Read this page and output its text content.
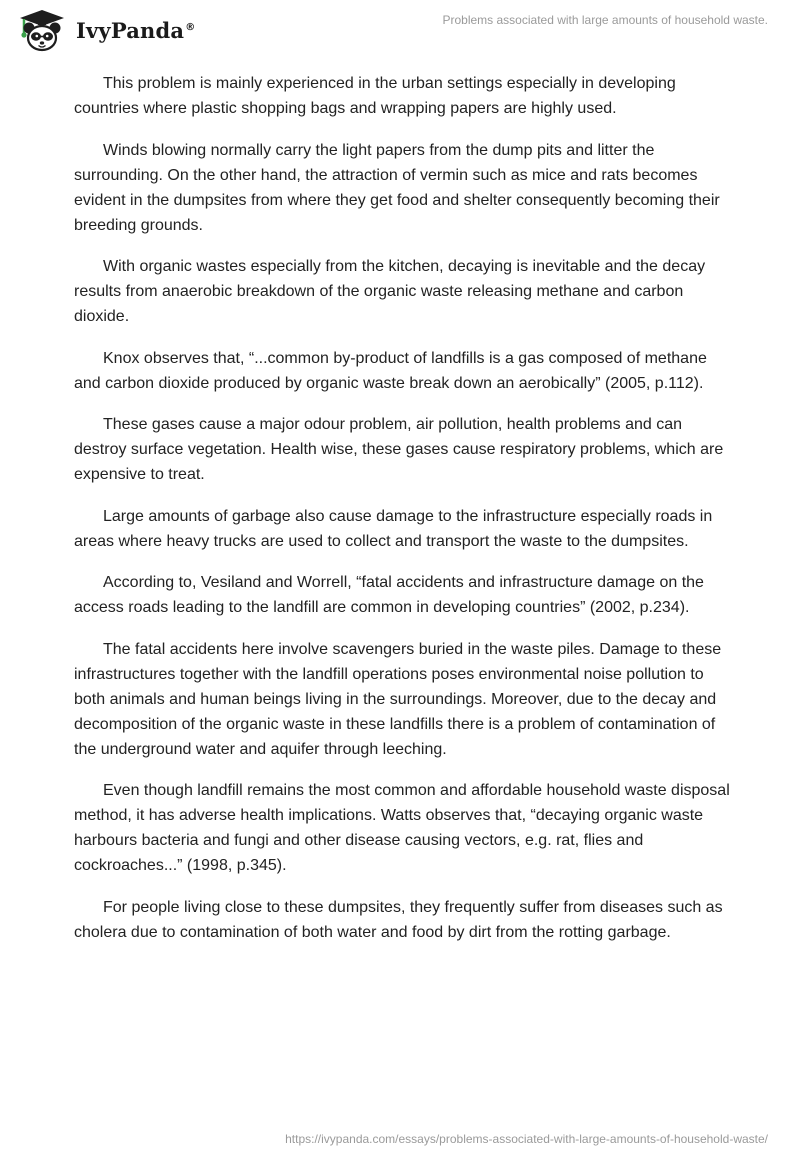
IvyPanda®	Problems associated with large amounts of household waste.

This problem is mainly experienced in the urban settings especially in developing countries where plastic shopping bags and wrapping papers are highly used.

Winds blowing normally carry the light papers from the dump pits and litter the surrounding. On the other hand, the attraction of vermin such as mice and rats becomes evident in the dumpsites from where they get food and shelter consequently becoming their breeding grounds.

With organic wastes especially from the kitchen, decaying is inevitable and the decay results from anaerobic breakdown of the organic waste releasing methane and carbon dioxide.

Knox observes that, “...common by-product of landfills is a gas composed of methane and carbon dioxide produced by organic waste break down an aerobically” (2005, p.112).

These gases cause a major odour problem, air pollution, health problems and can destroy surface vegetation. Health wise, these gases cause respiratory problems, which are expensive to treat.

Large amounts of garbage also cause damage to the infrastructure especially roads in areas where heavy trucks are used to collect and transport the waste to the dumpsites.

According to, Vesiland and Worrell, “fatal accidents and infrastructure damage on the access roads leading to the landfill are common in developing countries” (2002, p.234).

The fatal accidents here involve scavengers buried in the waste piles. Damage to these infrastructures together with the landfill operations poses environmental noise pollution to both animals and human beings living in the surroundings. Moreover, due to the decay and decomposition of the organic waste in these landfills there is a problem of contamination of the underground water and aquifer through leeching.

Even though landfill remains the most common and affordable household waste disposal method, it has adverse health implications. Watts observes that, “decaying organic waste harbours bacteria and fungi and other disease causing vectors, e.g. rat, flies and cockroaches...” (1998, p.345).

For people living close to these dumpsites, they frequently suffer from diseases such as cholera due to contamination of both water and food by dirt from the rotting garbage.

https://ivypanda.com/essays/problems-associated-with-large-amounts-of-household-waste/
